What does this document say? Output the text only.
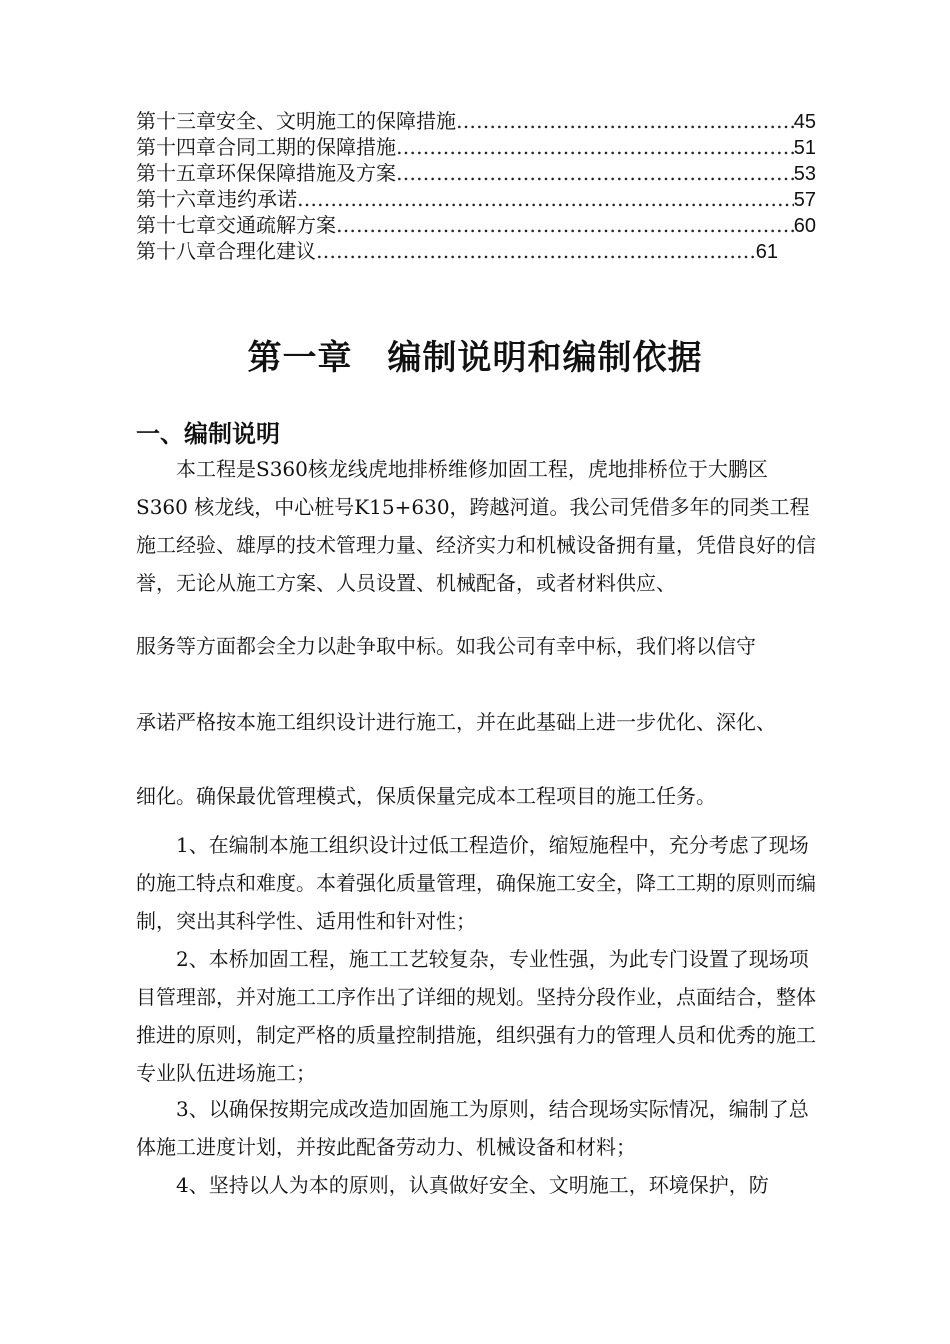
第十三章 安全、文明施工的保障措施 ……………………………………………………………………………………………………	45
第十四章 合同工期的保障措施 ……………………………………………………………………………………………………	51
第十五章 环保保障措施及方案 ……………………………………………………………………………………………………	53
第十六章 违约承诺 ……………………………………………………………………………………………………	57
第十七章 交通疏解方案 ……………………………………………………………………………………………………	60
第十八章 合理化建议 ……………………………………………………………………………………………………	61
第一章　编制说明和编制依据
一、编制说明

本工程是S360核龙线虎地排桥维修加固工程，虎地排桥位于大鹏区S360 核龙线，中心桩号K15+630，跨越河道。我公司凭借多年的同类工程施工经验、雄厚的技术管理力量、经济实力和机械设备拥有量，凭借良好的信誉，无论从施工方案、人员设置、机械配备，或者材料供应、

服务等方面都会全力以赴争取中标。如我公司有幸中标，我们将以信守
承诺严格按本施工组织设计进行施工，并在此基础上进一步优化、深化、
细化。确保最优管理模式，保质保量完成本工程项目的施工任务。

1、在编制本施工组织设计过低工程造价，缩短施程中，充分考虑了现场的施工特点和难度。本着强化质量管理，确保施工安全，降工工期的原则而编制，突出其科学性、适用性和针对性；

2、本桥加固工程，施工工艺较复杂，专业性强，为此专门设置了现场项目管理部，并对施工工序作出了详细的规划。坚持分段作业，点面结合，整体推进的原则，制定严格的质量控制措施，组织强有力的管理人员和优秀的施工专业队伍进场施工；

3、以确保按期完成改造加固施工为原则，结合现场实际情况，编制了总体施工进度计划，并按此配备劳动力、机械设备和材料；

4、坚持以人为本的原则，认真做好安全、文明施工，环境保护，防
